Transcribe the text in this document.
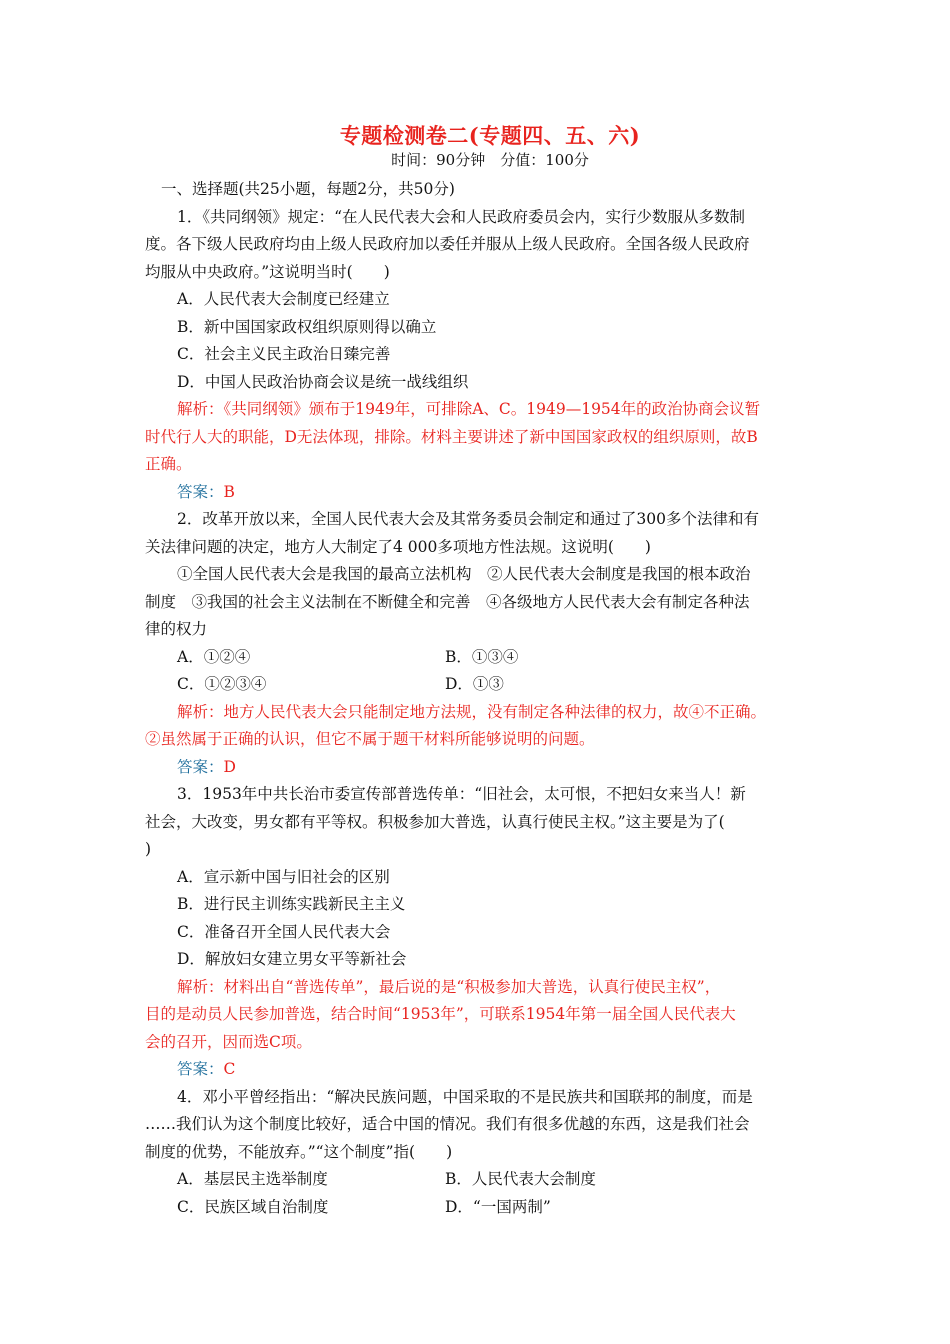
专题检测卷二(专题四、五、六)

时间：90分钟　分值：100分

一、选择题(共25小题，每题2分，共50分)

1．《共同纲领》规定：“在人民代表大会和人民政府委员会内，实行少数服从多数制

度。各下级人民政府均由上级人民政府加以委任并服从上级人民政府。全国各级人民政府

均服从中央政府。”这说明当时(　　)

A．人民代表大会制度已经建立

B．新中国国家政权组织原则得以确立

C．社会主义民主政治日臻完善

D．中国人民政治协商会议是统一战线组织

解析：《共同纲领》颁布于1949年，可排除A、C。1949—1954年的政治协商会议暂

时代行人大的职能，D无法体现，排除。材料主要讲述了新中国国家政权的组织原则，故B

正确。

答案：B

2．改革开放以来，全国人民代表大会及其常务委员会制定和通过了300多个法律和有

关法律问题的决定，地方人大制定了4 000多项地方性法规。这说明(　　)

①全国人民代表大会是我国的最高立法机构　②人民代表大会制度是我国的根本政治

制度　③我国的社会主义法制在不断健全和完善　④各级地方人民代表大会有制定各种法

律的权力

A．①②④	B．①③④
C．①②③④	D．①③

解析：地方人民代表大会只能制定地方法规，没有制定各种法律的权力，故④不正确。

②虽然属于正确的认识，但它不属于题干材料所能够说明的问题。

答案：D

3．1953年中共长治市委宣传部普选传单：“旧社会，太可恨，不把妇女来当人！新

社会，大改变，男女都有平等权。积极参加大普选，认真行使民主权。”这主要是为了(

)

A．宣示新中国与旧社会的区别

B．进行民主训练实践新民主主义

C．准备召开全国人民代表大会

D．解放妇女建立男女平等新社会

解析：材料出自“普选传单”，最后说的是“积极参加大普选，认真行使民主权”，

目的是动员人民参加普选，结合时间“1953年”，可联系1954年第一届全国人民代表大

会的召开，因而选C项。

答案：C

4．邓小平曾经指出：“解决民族问题，中国采取的不是民族共和国联邦的制度，而是

……我们认为这个制度比较好，适合中国的情况。我们有很多优越的东西，这是我们社会

制度的优势，不能放弃。”“这个制度”指(　　)

A．基层民主选举制度	B．人民代表大会制度
C．民族区域自治制度	D．“一国两制”
